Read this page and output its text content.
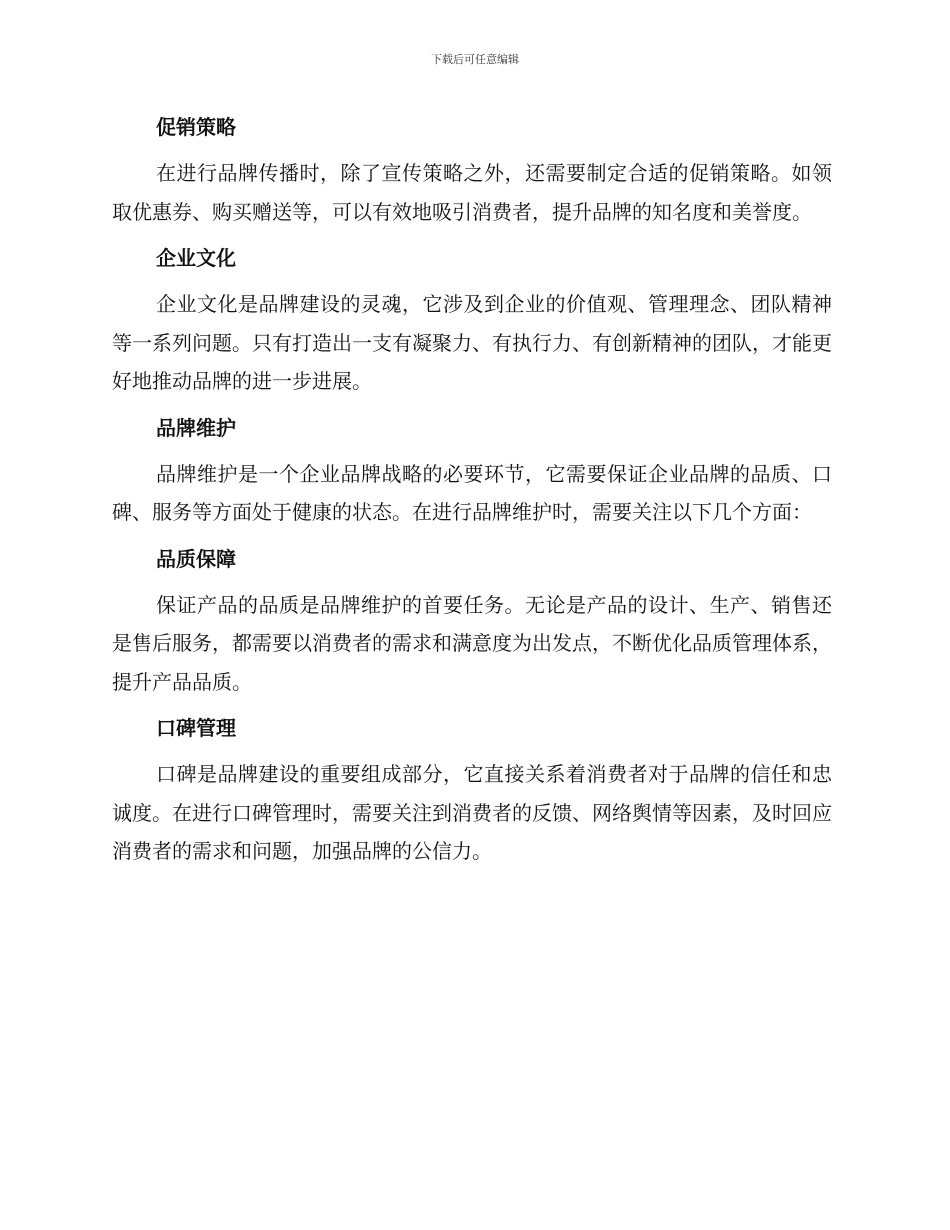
下载后可任意编辑
促销策略

在进行品牌传播时，除了宣传策略之外，还需要制定合适的促销策略。如领取优惠券、购买赠送等，可以有效地吸引消费者，提升品牌的知名度和美誉度。

企业文化

企业文化是品牌建设的灵魂，它涉及到企业的价值观、管理理念、团队精神等一系列问题。只有打造出一支有凝聚力、有执行力、有创新精神的团队，才能更好地推动品牌的进一步进展。

品牌维护

品牌维护是一个企业品牌战略的必要环节，它需要保证企业品牌的品质、口碑、服务等方面处于健康的状态。在进行品牌维护时，需要关注以下几个方面：

品质保障

保证产品的品质是品牌维护的首要任务。无论是产品的设计、生产、销售还是售后服务，都需要以消费者的需求和满意度为出发点，不断优化品质管理体系，提升产品品质。

口碑管理

口碑是品牌建设的重要组成部分，它直接关系着消费者对于品牌的信任和忠诚度。在进行口碑管理时，需要关注到消费者的反馈、网络舆情等因素，及时回应消费者的需求和问题，加强品牌的公信力。
